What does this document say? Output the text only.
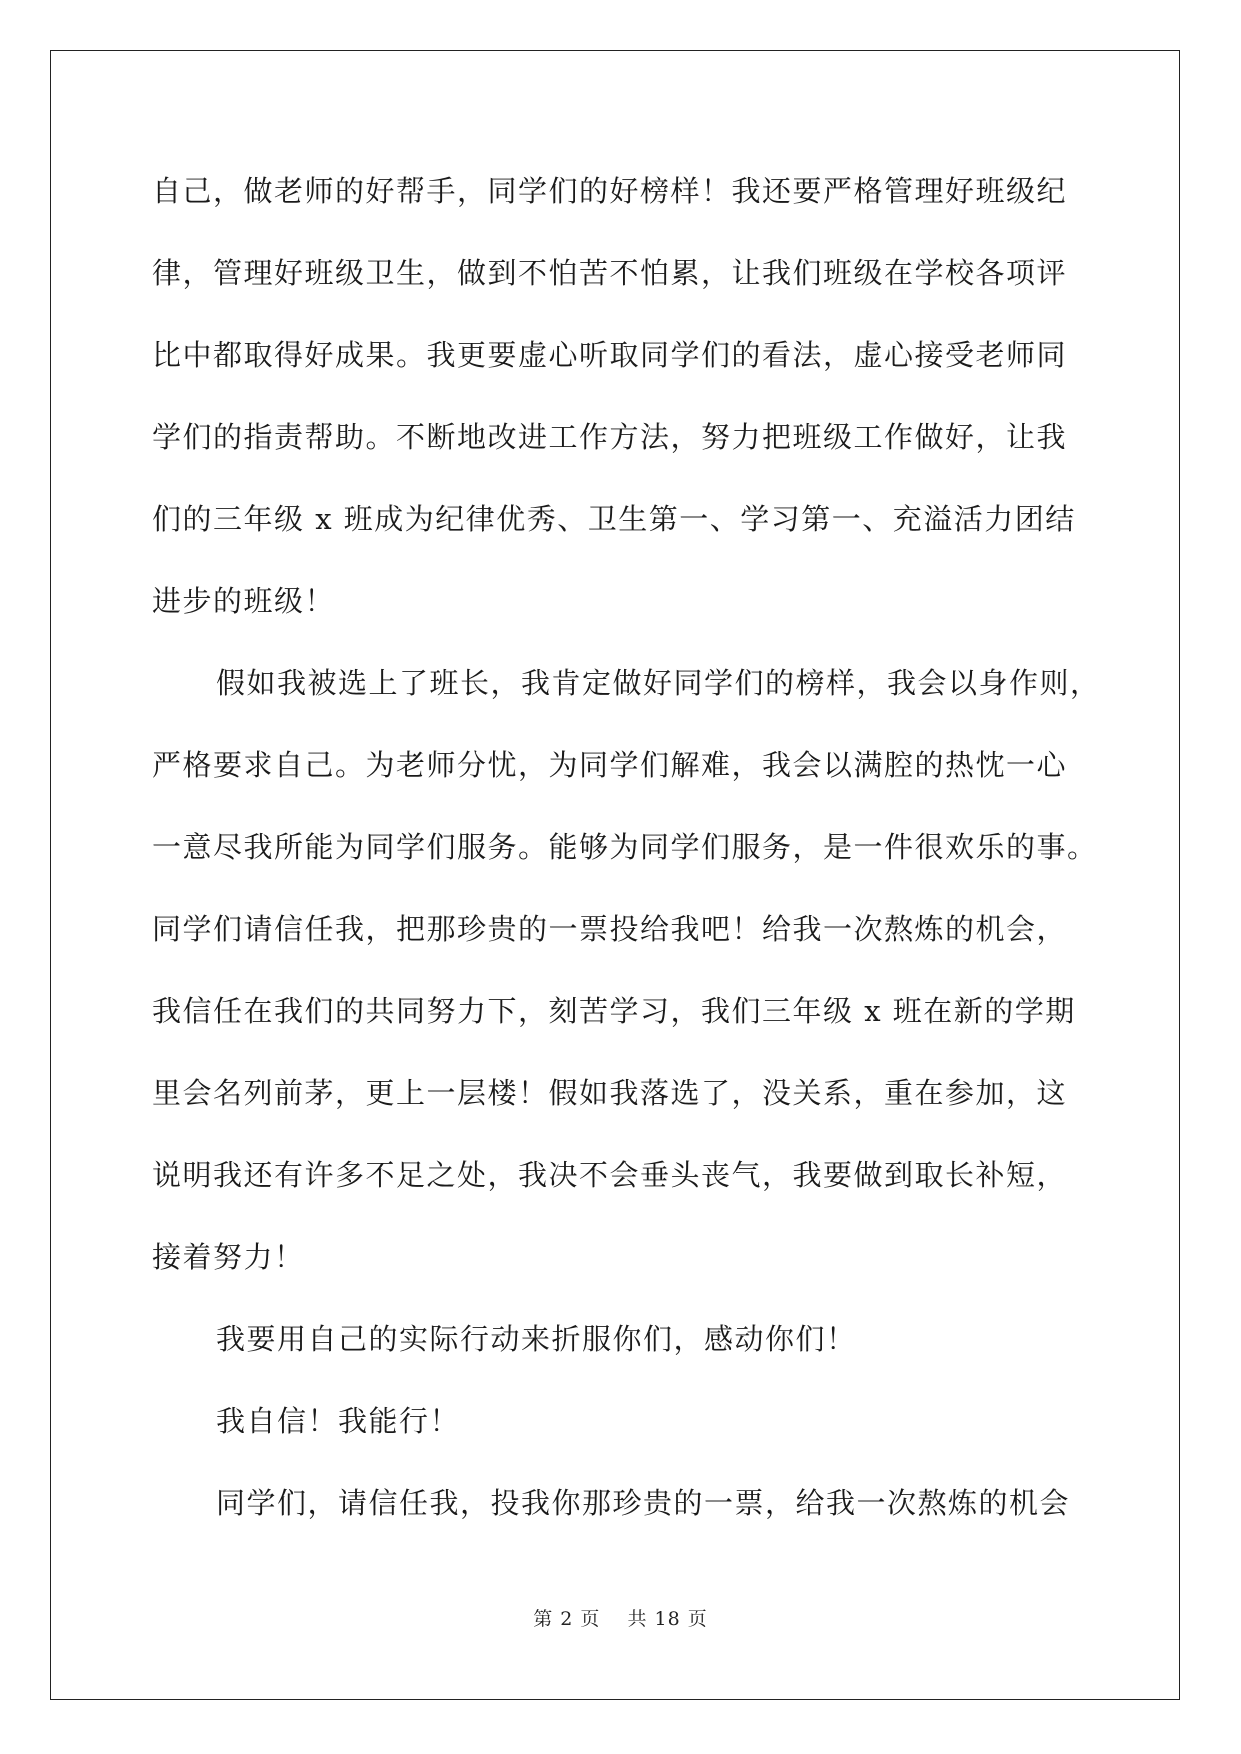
自己，做老师的好帮手，同学们的好榜样！我还要严格管理好班级纪
律，管理好班级卫生，做到不怕苦不怕累，让我们班级在学校各项评
比中都取得好成果。我更要虚心听取同学们的看法，虚心接受老师同
学们的指责帮助。不断地改进工作方法，努力把班级工作做好，让我
们的三年级 x 班成为纪律优秀、卫生第一、学习第一、充溢活力团结
进步的班级！
假如我被选上了班长，我肯定做好同学们的榜样，我会以身作则，
严格要求自己。为老师分忧，为同学们解难，我会以满腔的热忱一心
一意尽我所能为同学们服务。能够为同学们服务，是一件很欢乐的事。
同学们请信任我，把那珍贵的一票投给我吧！给我一次熬炼的机会，
我信任在我们的共同努力下，刻苦学习，我们三年级 x 班在新的学期
里会名列前茅，更上一层楼！假如我落选了，没关系，重在参加，这
说明我还有许多不足之处，我决不会垂头丧气，我要做到取长补短，
接着努力！
我要用自己的实际行动来折服你们，感动你们！
我自信！我能行！
同学们，请信任我，投我你那珍贵的一票，给我一次熬炼的机会
第 2 页　 共 18 页
